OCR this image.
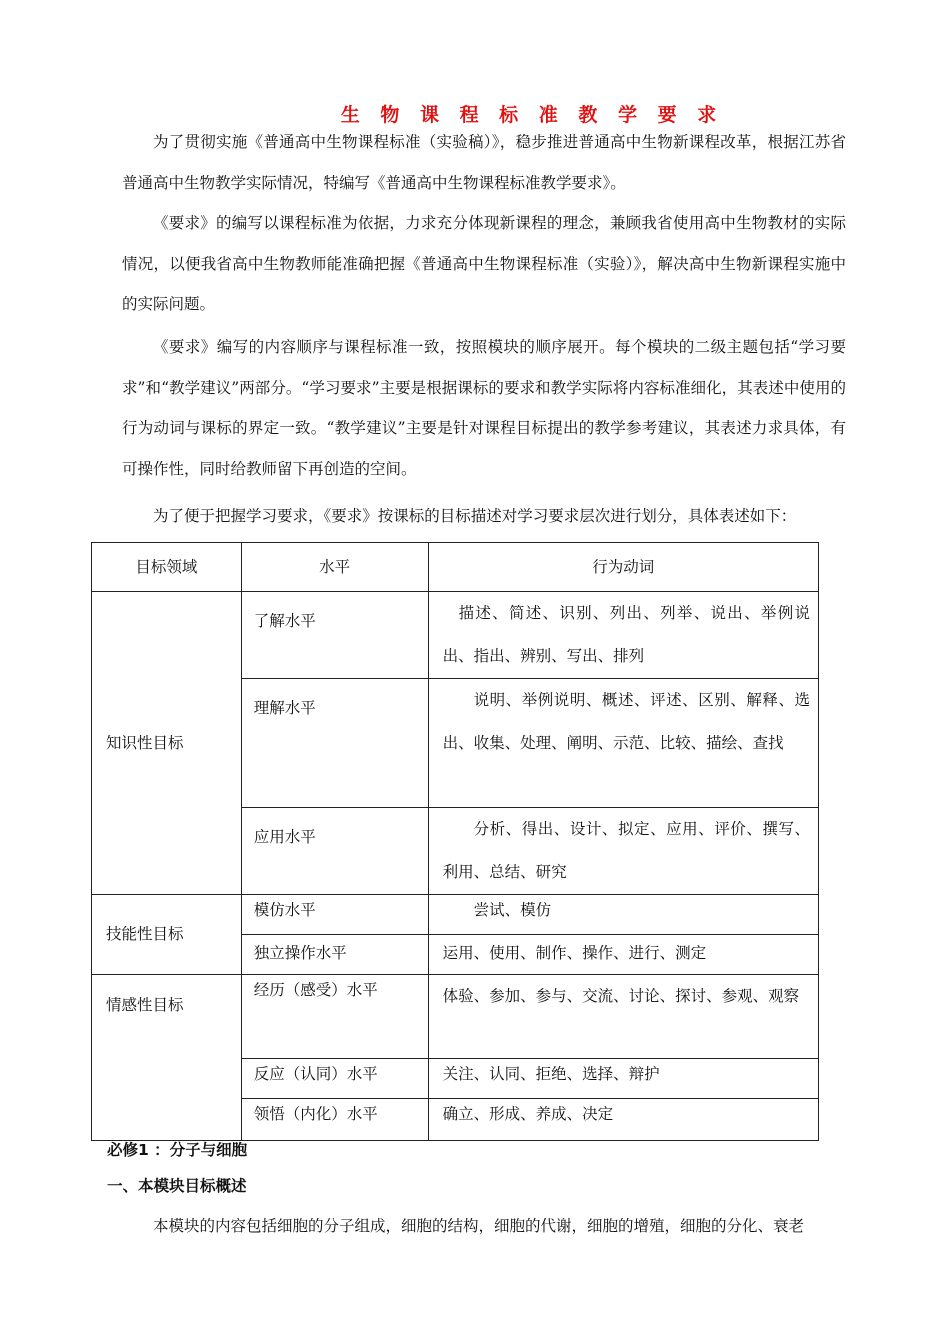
生 物 课 程 标 准 教 学 要 求

为了贯彻实施《普通高中生物课程标准（实验稿）》，稳步推进普通高中生物新课程改革，根据江苏省普通高中生物教学实际情况，特编写《普通高中生物课程标准教学要求》。

《要求》的编写以课程标准为依据，力求充分体现新课程的理念，兼顾我省使用高中生物教材的实际情况，以便我省高中生物教师能准确把握《普通高中生物课程标准（实验）》，解决高中生物新课程实施中的实际问题。

《要求》编写的内容顺序与课程标准一致，按照模块的顺序展开。每个模块的二级主题包括“学习要求”和“教学建议”两部分。“学习要求”主要是根据课标的要求和教学实际将内容标准细化，其表述中使用的行为动词与课标的界定一致。“教学建议”主要是针对课程目标提出的教学参考建议，其表述力求具体，有可操作性，同时给教师留下再创造的空间。

为了便于把握学习要求，《要求》按课标的目标描述对学习要求层次进行划分，具体表述如下：

目标领域	水平	行为动词
知识性目标	了解水平	描述、简述、识别、列出、列举、说出、举例说出、指出、辨别、写出、排列
	理解水平	说明、举例说明、概述、评述、区别、解释、选出、收集、处理、阐明、示范、比较、描绘、查找
	应用水平	分析、得出、设计、拟定、应用、评价、撰写、利用、总结、研究
技能性目标	模仿水平	尝试、模仿
	独立操作水平	运用、使用、制作、操作、进行、测定
情感性目标	经历（感受）水平	体验、参加、参与、交流、讨论、探讨、参观、观察
	反应（认同）水平	关注、认同、拒绝、选择、辩护
	领悟（内化）水平	确立、形成、养成、决定
必修1 ：分子与细胞
一、本模块目标概述

本模块的内容包括细胞的分子组成，细胞的结构，细胞的代谢，细胞的增殖，细胞的分化、衰老
